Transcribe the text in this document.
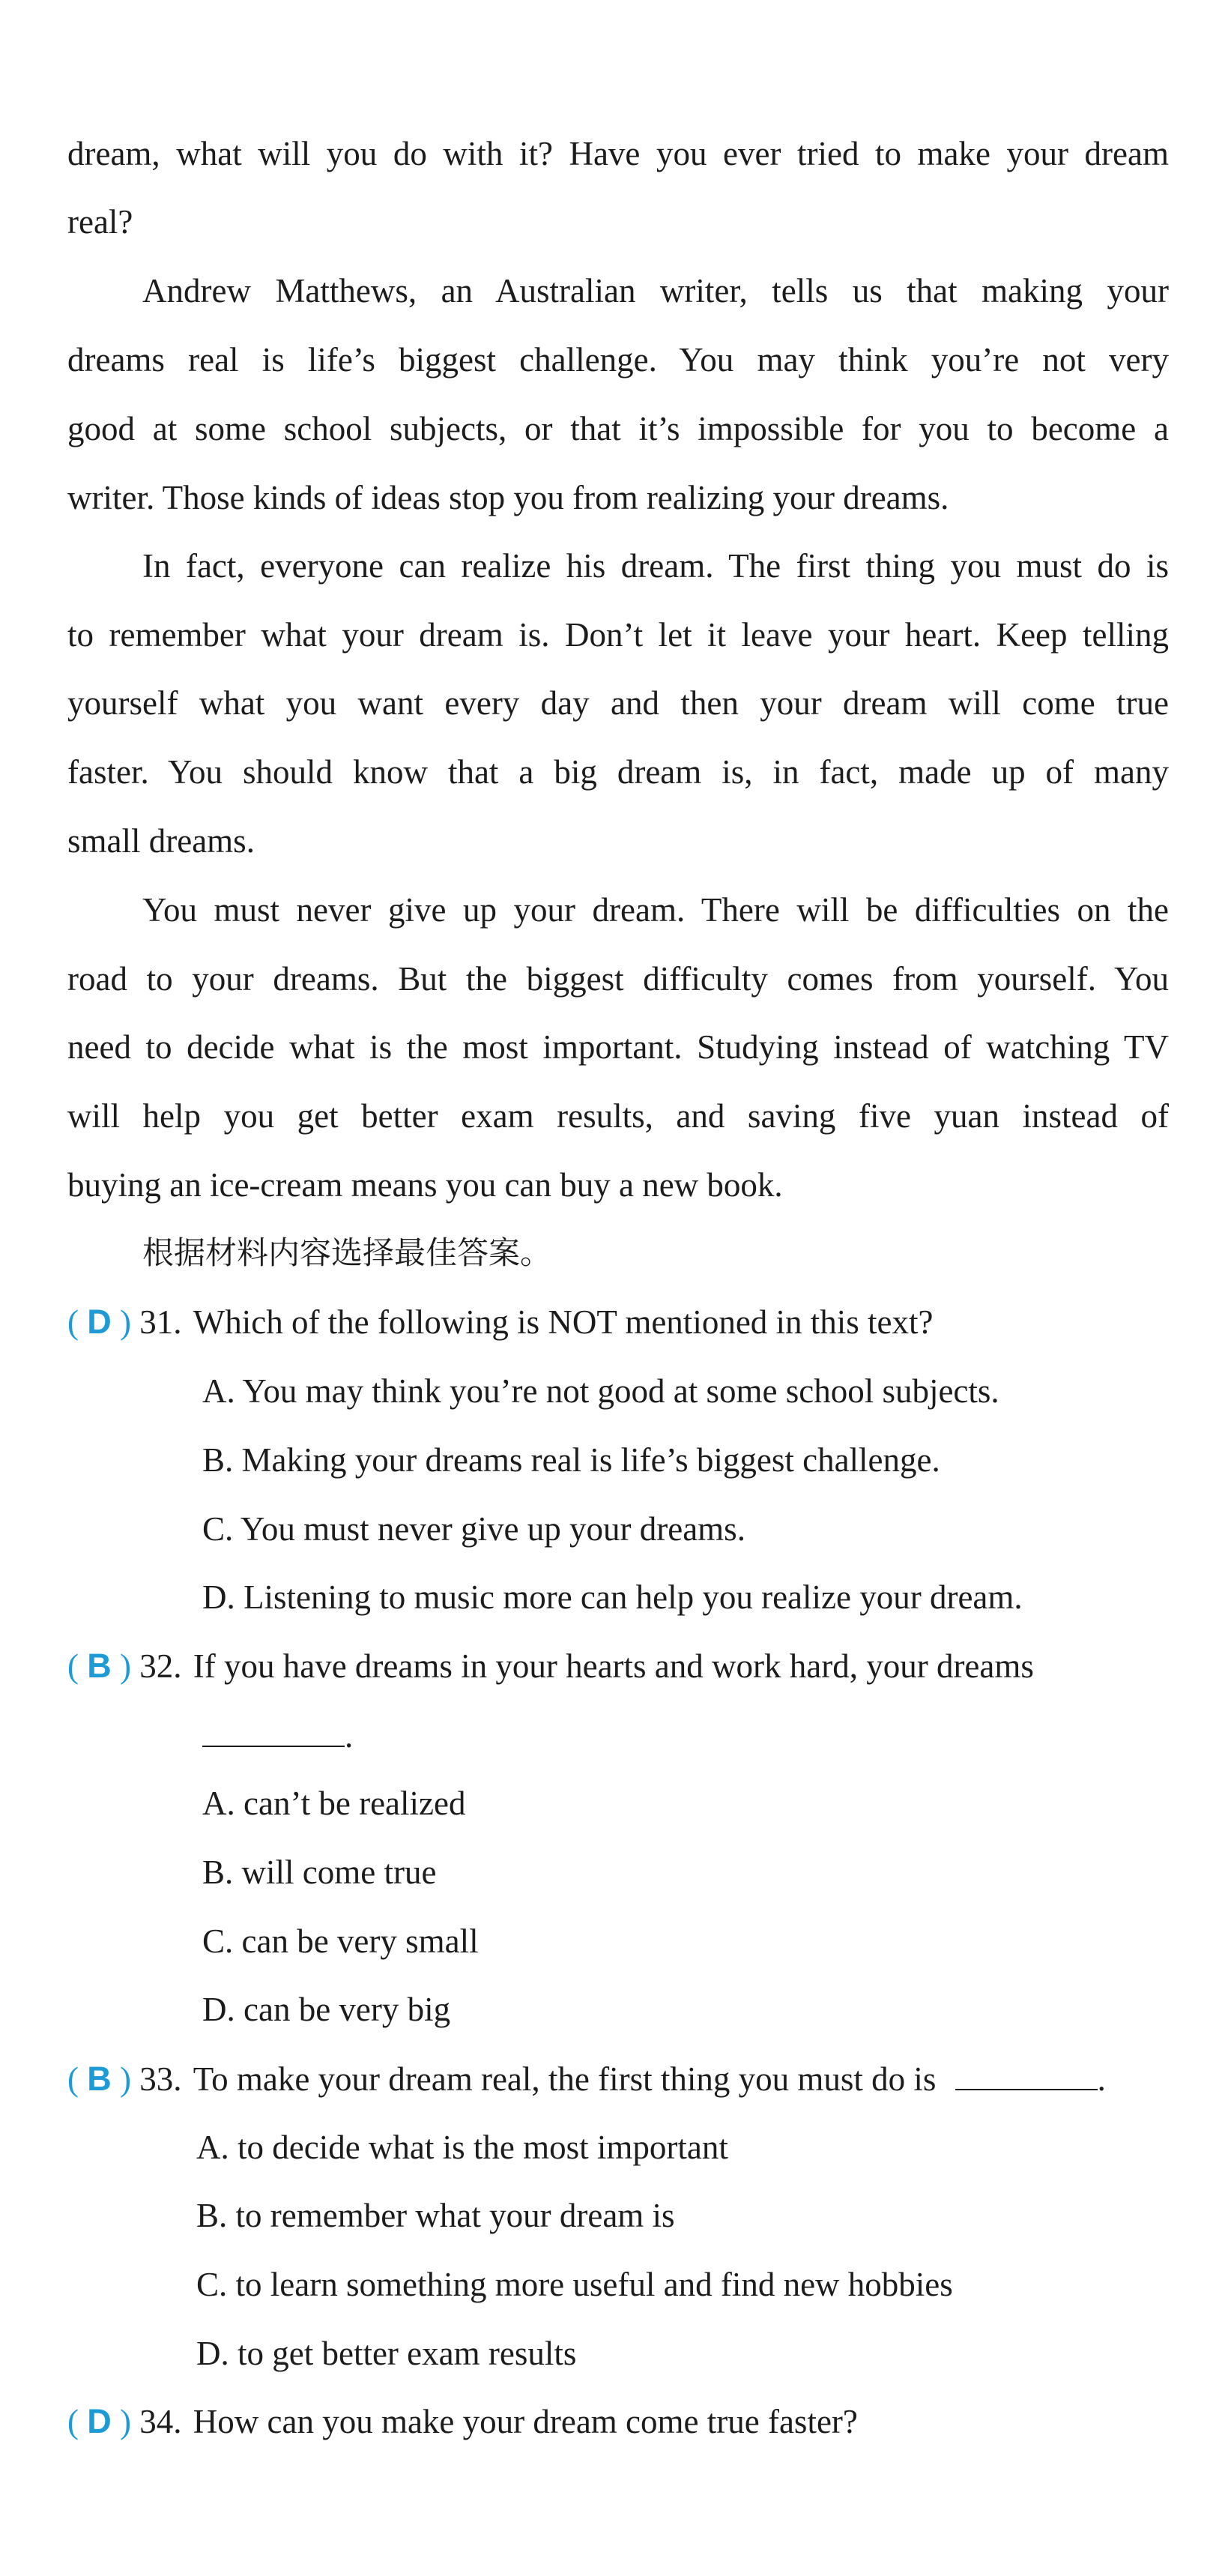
dream, what will you do with it? Have you ever tried to make your dream
real?
Andrew Matthews, an Australian writer, tells us that making your
dreams real is life’s biggest challenge. You may think you’re not very
good at some school subjects, or that it’s impossible for you to become a
writer. Those kinds of ideas stop you from realizing your dreams.
In fact, everyone can realize his dream. The first thing you must do is
to remember what your dream is. Don’t let it leave your heart. Keep telling
yourself what you want every day and then your dream will come true
faster. You should know that a big dream is, in fact, made up of many
small dreams.
You must never give up your dream. There will be difficulties on the
road to your dreams. But the biggest difficulty comes from yourself. You
need to decide what is the most important. Studying instead of watching TV
will help you get better exam results, and saving five yuan instead of
buying an ice-cream means you can buy a new book.
根据材料内容选择最佳答案。
( D ) 31. Which of the following is NOT mentioned in this text?
A. You may think you’re not good at some school subjects.
B. Making your dreams real is life’s biggest challenge.
C. You must never give up your dreams.
D. Listening to music more can help you realize your dream.
( B ) 32. If you have dreams in your hearts and work hard, your dreams
.
A. can’t be realized
B. will come true
C. can be very small
D. can be very big
( B ) 33. To make your dream real, the first thing you must do is	.
A. to decide what is the most important
B. to remember what your dream is
C. to learn something more useful and find new hobbies
D. to get better exam results
( D ) 34. How can you make your dream come true faster?
